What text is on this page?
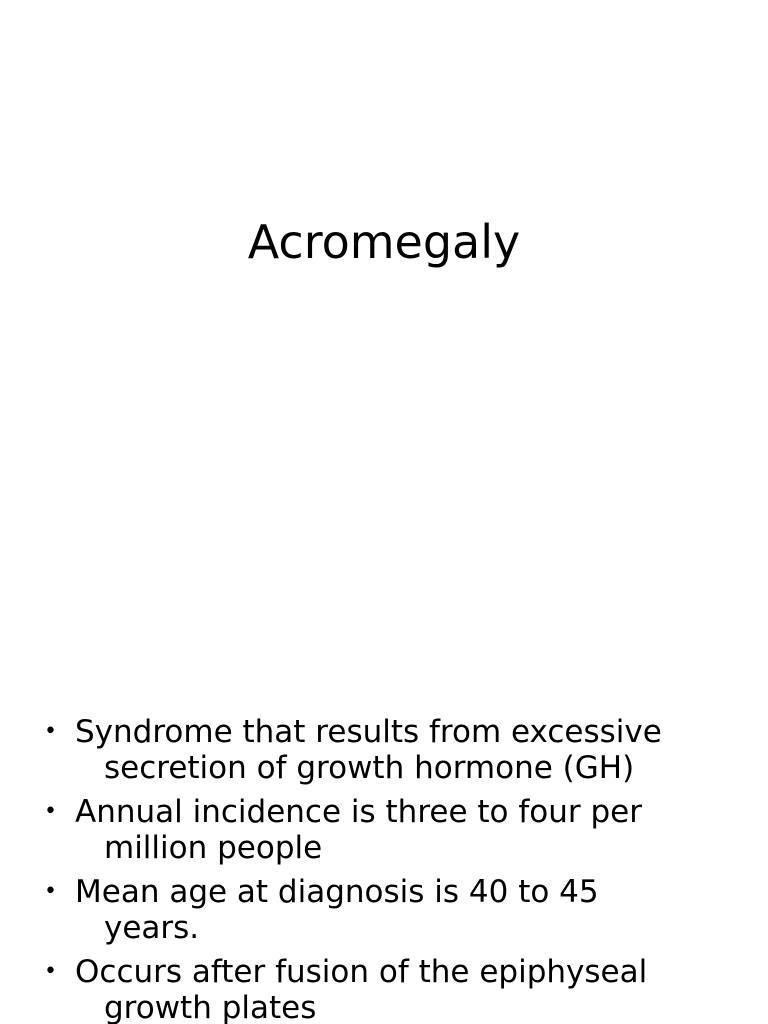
Acromegaly
• Syndrome that results from excessive
secretion of growth hormone (GH)
• Annual incidence is three to four per
million people
• Mean age at diagnosis is 40 to 45
years.
• Occurs after fusion of the epiphyseal
growth plates
